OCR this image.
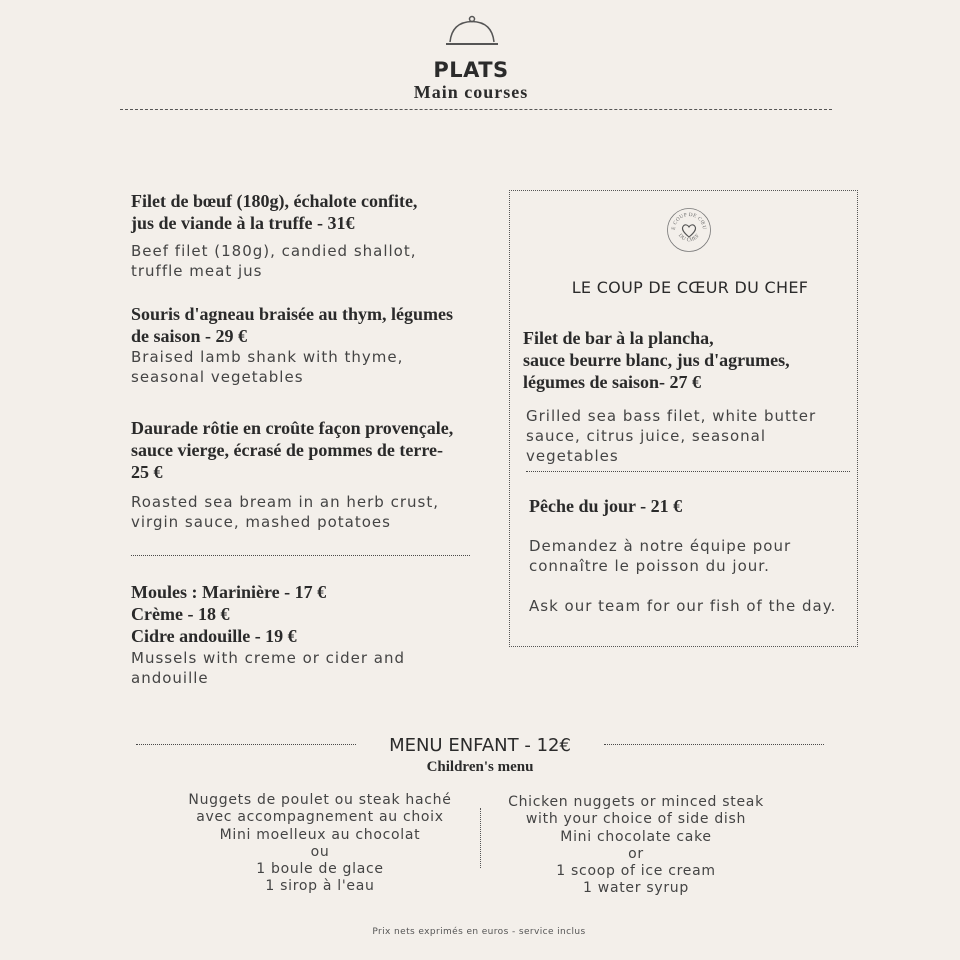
PLATS
Main courses
Filet de bœuf (180g), échalote confite,
jus de viande à la truffe - 31€
Beef filet (180g), candied shallot,
truffle meat jus
Souris d'agneau braisée au thym, légumes
de saison - 29 €
Braised lamb shank with thyme,
seasonal vegetables
Daurade rôtie en croûte façon provençale,
sauce vierge, écrasé de pommes de terre-
25 €
Roasted sea bream in an herb crust,
virgin sauce, mashed potatoes
Moules : Marinière - 17 €
Crème - 18 €
Cidre andouille - 19 €
Mussels with creme or cider and
andouille
E COUP DE CŒU
DU CHEF
LE COUP DE CŒUR DU CHEF
Filet de bar à la plancha,
sauce beurre blanc, jus d'agrumes,
légumes de saison- 27 €
Grilled sea bass filet, white butter
sauce, citrus juice, seasonal
vegetables
Pêche du jour - 21 €

Demandez à notre équipe pour
connaître le poisson du jour.

Ask our team for our fish of the day.

MENU ENFANT - 12€
Children's menu
Nuggets de poulet ou steak haché
avec accompagnement au choix
Mini moelleux au chocolat
ou
1 boule de glace
1 sirop à l'eau
Chicken nuggets or minced steak
with your choice of side dish
Mini chocolate cake
or
1 scoop of ice cream
1 water syrup
Prix nets exprimés en euros - service inclus
